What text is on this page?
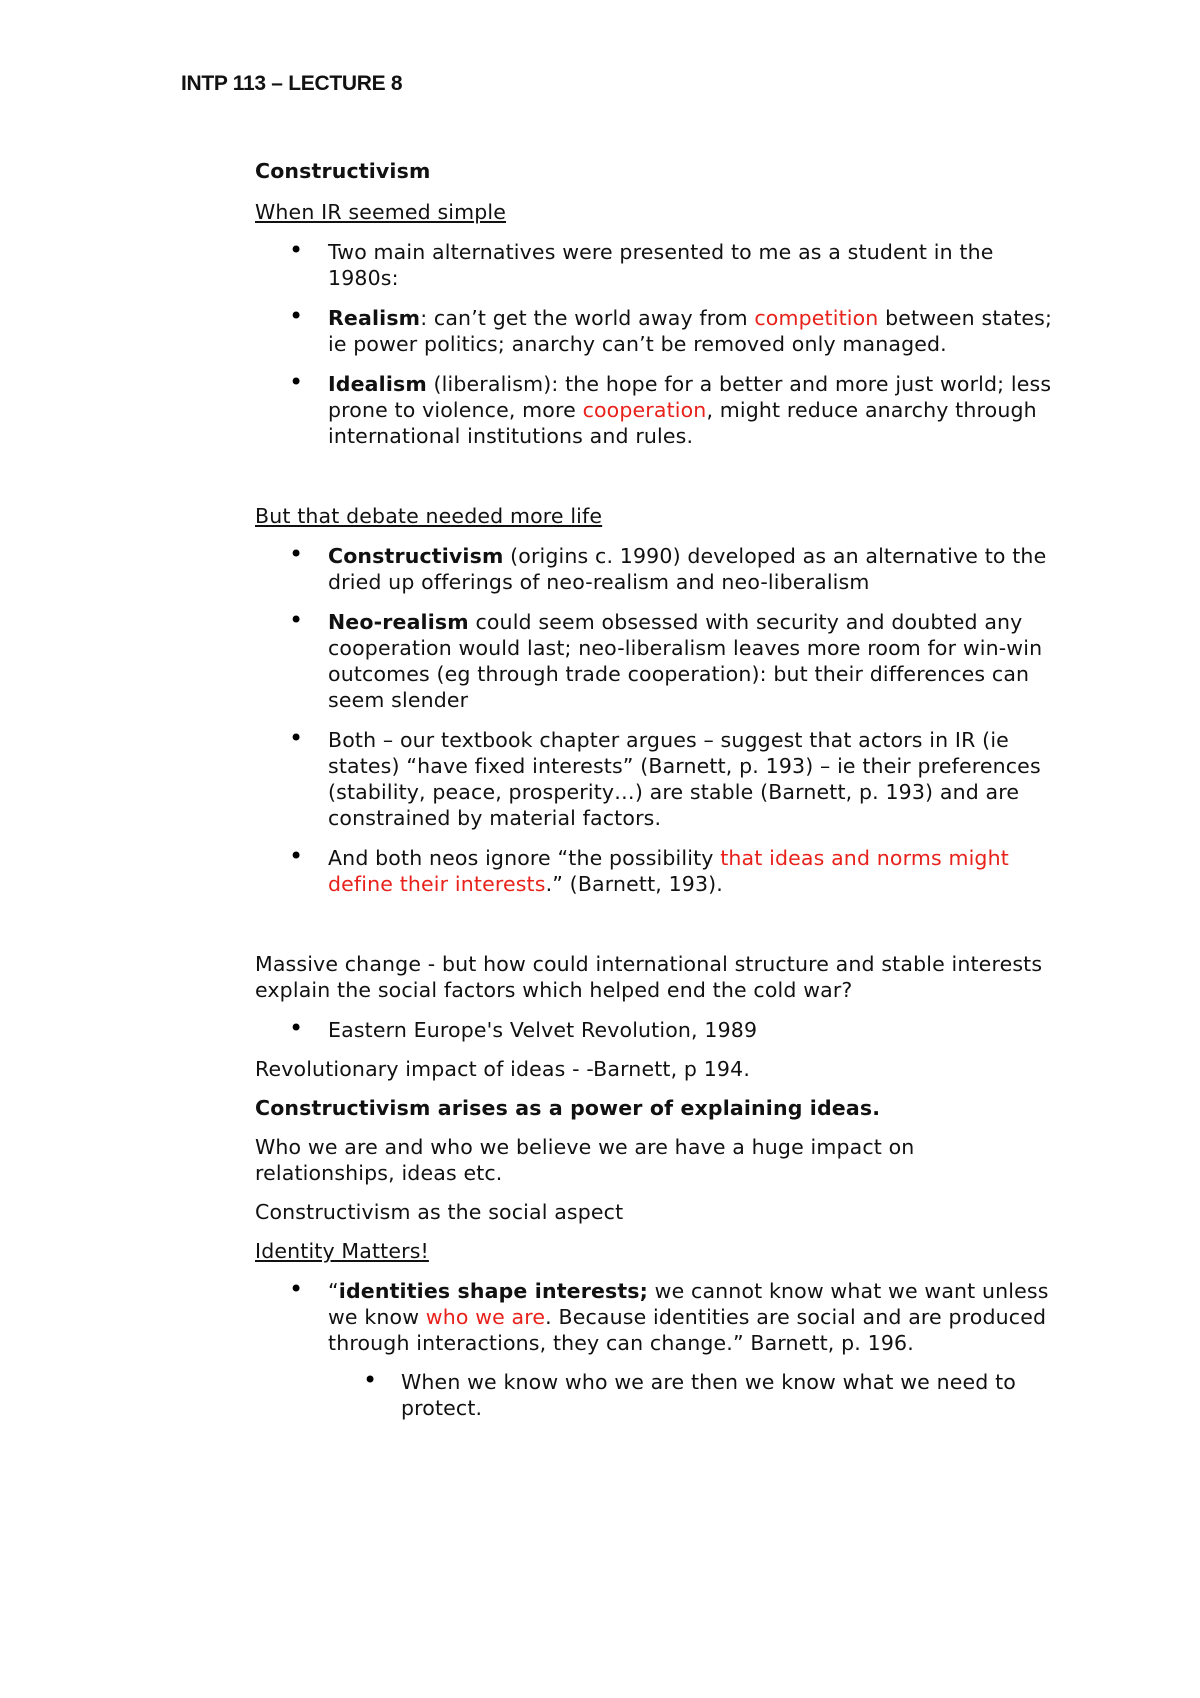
INTP 113 – LECTURE 8

Constructivism

When IR seemed simple

• Two main alternatives were presented to me as a student in the 1980s:
• Realism: can’t get the world away from competition between states; ie power politics; anarchy can’t be removed only managed.
• Idealism (liberalism): the hope for a better and more just world; less prone to violence, more cooperation, might reduce anarchy through international institutions and rules.

But that debate needed more life

• Constructivism (origins c. 1990) developed as an alternative to the dried up offerings of neo-realism and neo-liberalism
• Neo-realism could seem obsessed with security and doubted any cooperation would last; neo-liberalism leaves more room for win-win outcomes (eg through trade cooperation): but their differences can seem slender
• Both – our textbook chapter argues – suggest that actors in IR (ie states) “have fixed interests” (Barnett, p. 193) – ie their preferences (stability, peace, prosperity…) are stable (Barnett, p. 193) and are constrained by material factors.
• And both neos ignore “the possibility that ideas and norms might define their interests.” (Barnett, 193).

Massive change - but how could international structure and stable interests explain the social factors which helped end the cold war?

• Eastern Europe's Velvet Revolution, 1989

Revolutionary impact of ideas - -Barnett, p 194.

Constructivism arises as a power of explaining ideas.

Who we are and who we believe we are have a huge impact on relationships, ideas etc.

Constructivism as the social aspect

Identity Matters!

• “identities shape interests; we cannot know what we want unless we know who we are. Because identities are social and are produced through interactions, they can change.” Barnett, p. 196.
• When we know who we are then we know what we need to protect.
